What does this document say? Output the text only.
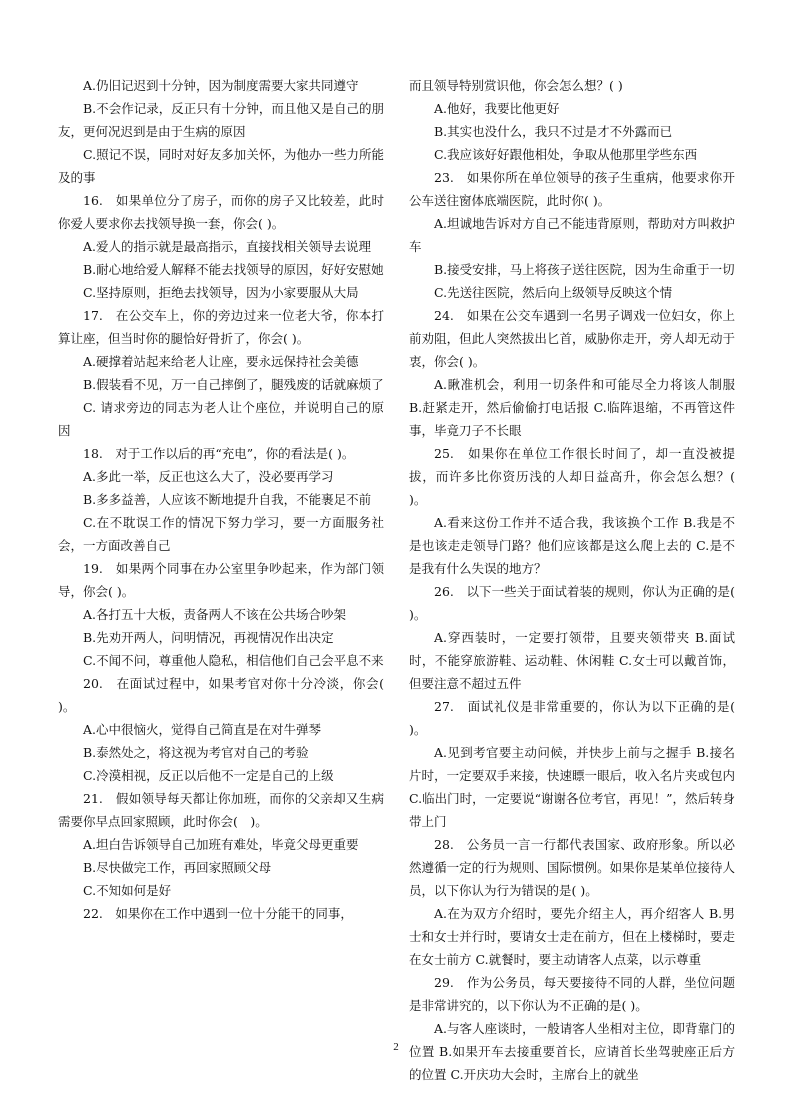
A.仍旧记迟到十分钟，因为制度需要大家共同遵守

B.不会作记录，反正只有十分钟，而且他又是自己的朋友，更何况迟到是由于生病的原因

C.照记不误，同时对好友多加关怀，为他办一些力所能及的事

16.　如果单位分了房子，而你的房子又比较差，此时你爱人要求你去找领导换一套，你会( )。

A.爱人的指示就是最高指示，直接找相关领导去说理

B.耐心地给爱人解释不能去找领导的原因，好好安慰她

C.坚持原则，拒绝去找领导，因为小家要服从大局

17.　在公交车上，你的旁边过来一位老大爷，你本打算让座，但当时你的腿恰好骨折了，你会( )。

A.硬撑着站起来给老人让座，要永远保持社会美德

B.假装看不见，万一自己摔倒了，腿残废的话就麻烦了

C. 请求旁边的同志为老人让个座位，并说明自己的原因

18.　对于工作以后的再“充电”，你的看法是( )。

A.多此一举，反正也这么大了，没必要再学习

B.多多益善，人应该不断地提升自我，不能裹足不前

C.在不耽误工作的情况下努力学习，要一方面服务社会，一方面改善自己

19.　如果两个同事在办公室里争吵起来，作为部门领导，你会( )。

A.各打五十大板，责备两人不该在公共场合吵架

B.先劝开两人，问明情况，再视情况作出决定

C.不闻不问，尊重他人隐私，相信他们自己会平息不来

20.　在面试过程中，如果考官对你十分冷淡，你会( )。

A.心中很恼火，觉得自己简直是在对牛弹琴

B.泰然处之，将这视为考官对自己的考验

C.冷漠相视，反正以后他不一定是自己的上级

21.　假如领导每天都让你加班，而你的父亲却又生病需要你早点回家照顾，此时你会(　)。

A.坦白告诉领导自己加班有难处，毕竟父母更重要

B.尽快做完工作，再回家照顾父母

C.不知如何是好

22.　如果你在工作中遇到一位十分能干的同事，

而且领导特别赏识他，你会怎么想？( )

A.他好，我要比他更好

B.其实也没什么，我只不过是才不外露而已

C.我应该好好跟他相处，争取从他那里学些东西

23.　如果你所在单位领导的孩子生重病，他要求你开公车送往窗体底端医院，此时你( )。

A.坦诚地告诉对方自己不能违背原则，帮助对方叫救护车

B.接受安排，马上将孩子送往医院，因为生命重于一切

C.先送往医院，然后向上级领导反映这个情

24.　如果在公交车遇到一名男子调戏一位妇女，你上前劝阻，但此人突然拔出匕首，威胁你走开，旁人却无动于衷，你会( )。

A.瞅准机会，利用一切条件和可能尽全力将该人制服 B.赶紧走开，然后偷偷打电话报 C.临阵退缩，不再管这件事，毕竟刀子不长眼

25.　如果你在单位工作很长时间了，却一直没被提拔，而许多比你资历浅的人却日益高升，你会怎么想？( )。

A.看来这份工作并不适合我，我该换个工作 B.我是不是也该走走领导门路？他们应该都是这么爬上去的 C.是不是我有什么失误的地方？

26.　以下一些关于面试着装的规则，你认为正确的是( )。

A.穿西装时，一定要打领带，且要夹领带夹 B.面试时，不能穿旅游鞋、运动鞋、休闲鞋 C.女士可以戴首饰，但要注意不超过五件

27.　面试礼仪是非常重要的，你认为以下正确的是( )。

A.见到考官要主动问候，并快步上前与之握手 B.接名片时，一定要双手来接，快速瞟一眼后，收入名片夹或包内 C.临出门时，一定要说“谢谢各位考官，再见！”，然后转身带上门

28.　公务员一言一行都代表国家、政府形象。所以必然遵循一定的行为规则、国际惯例。如果你是某单位接待人员，以下你认为行为错误的是( )。

A.在为双方介绍时，要先介绍主人，再介绍客人 B.男士和女士并行时，要请女士走在前方，但在上楼梯时，要走在女士前方 C.就餐时，要主动请客人点菜，以示尊重

29.　作为公务员，每天要接待不同的人群，坐位问题是非常讲究的，以下你认为不正确的是( )。

A.与客人座谈时，一般请客人坐相对主位，即背靠门的位置 B.如果开车去接重要首长，应请首长坐驾驶座正后方的位置 C.开庆功大会时，主席台上的就坐

2
